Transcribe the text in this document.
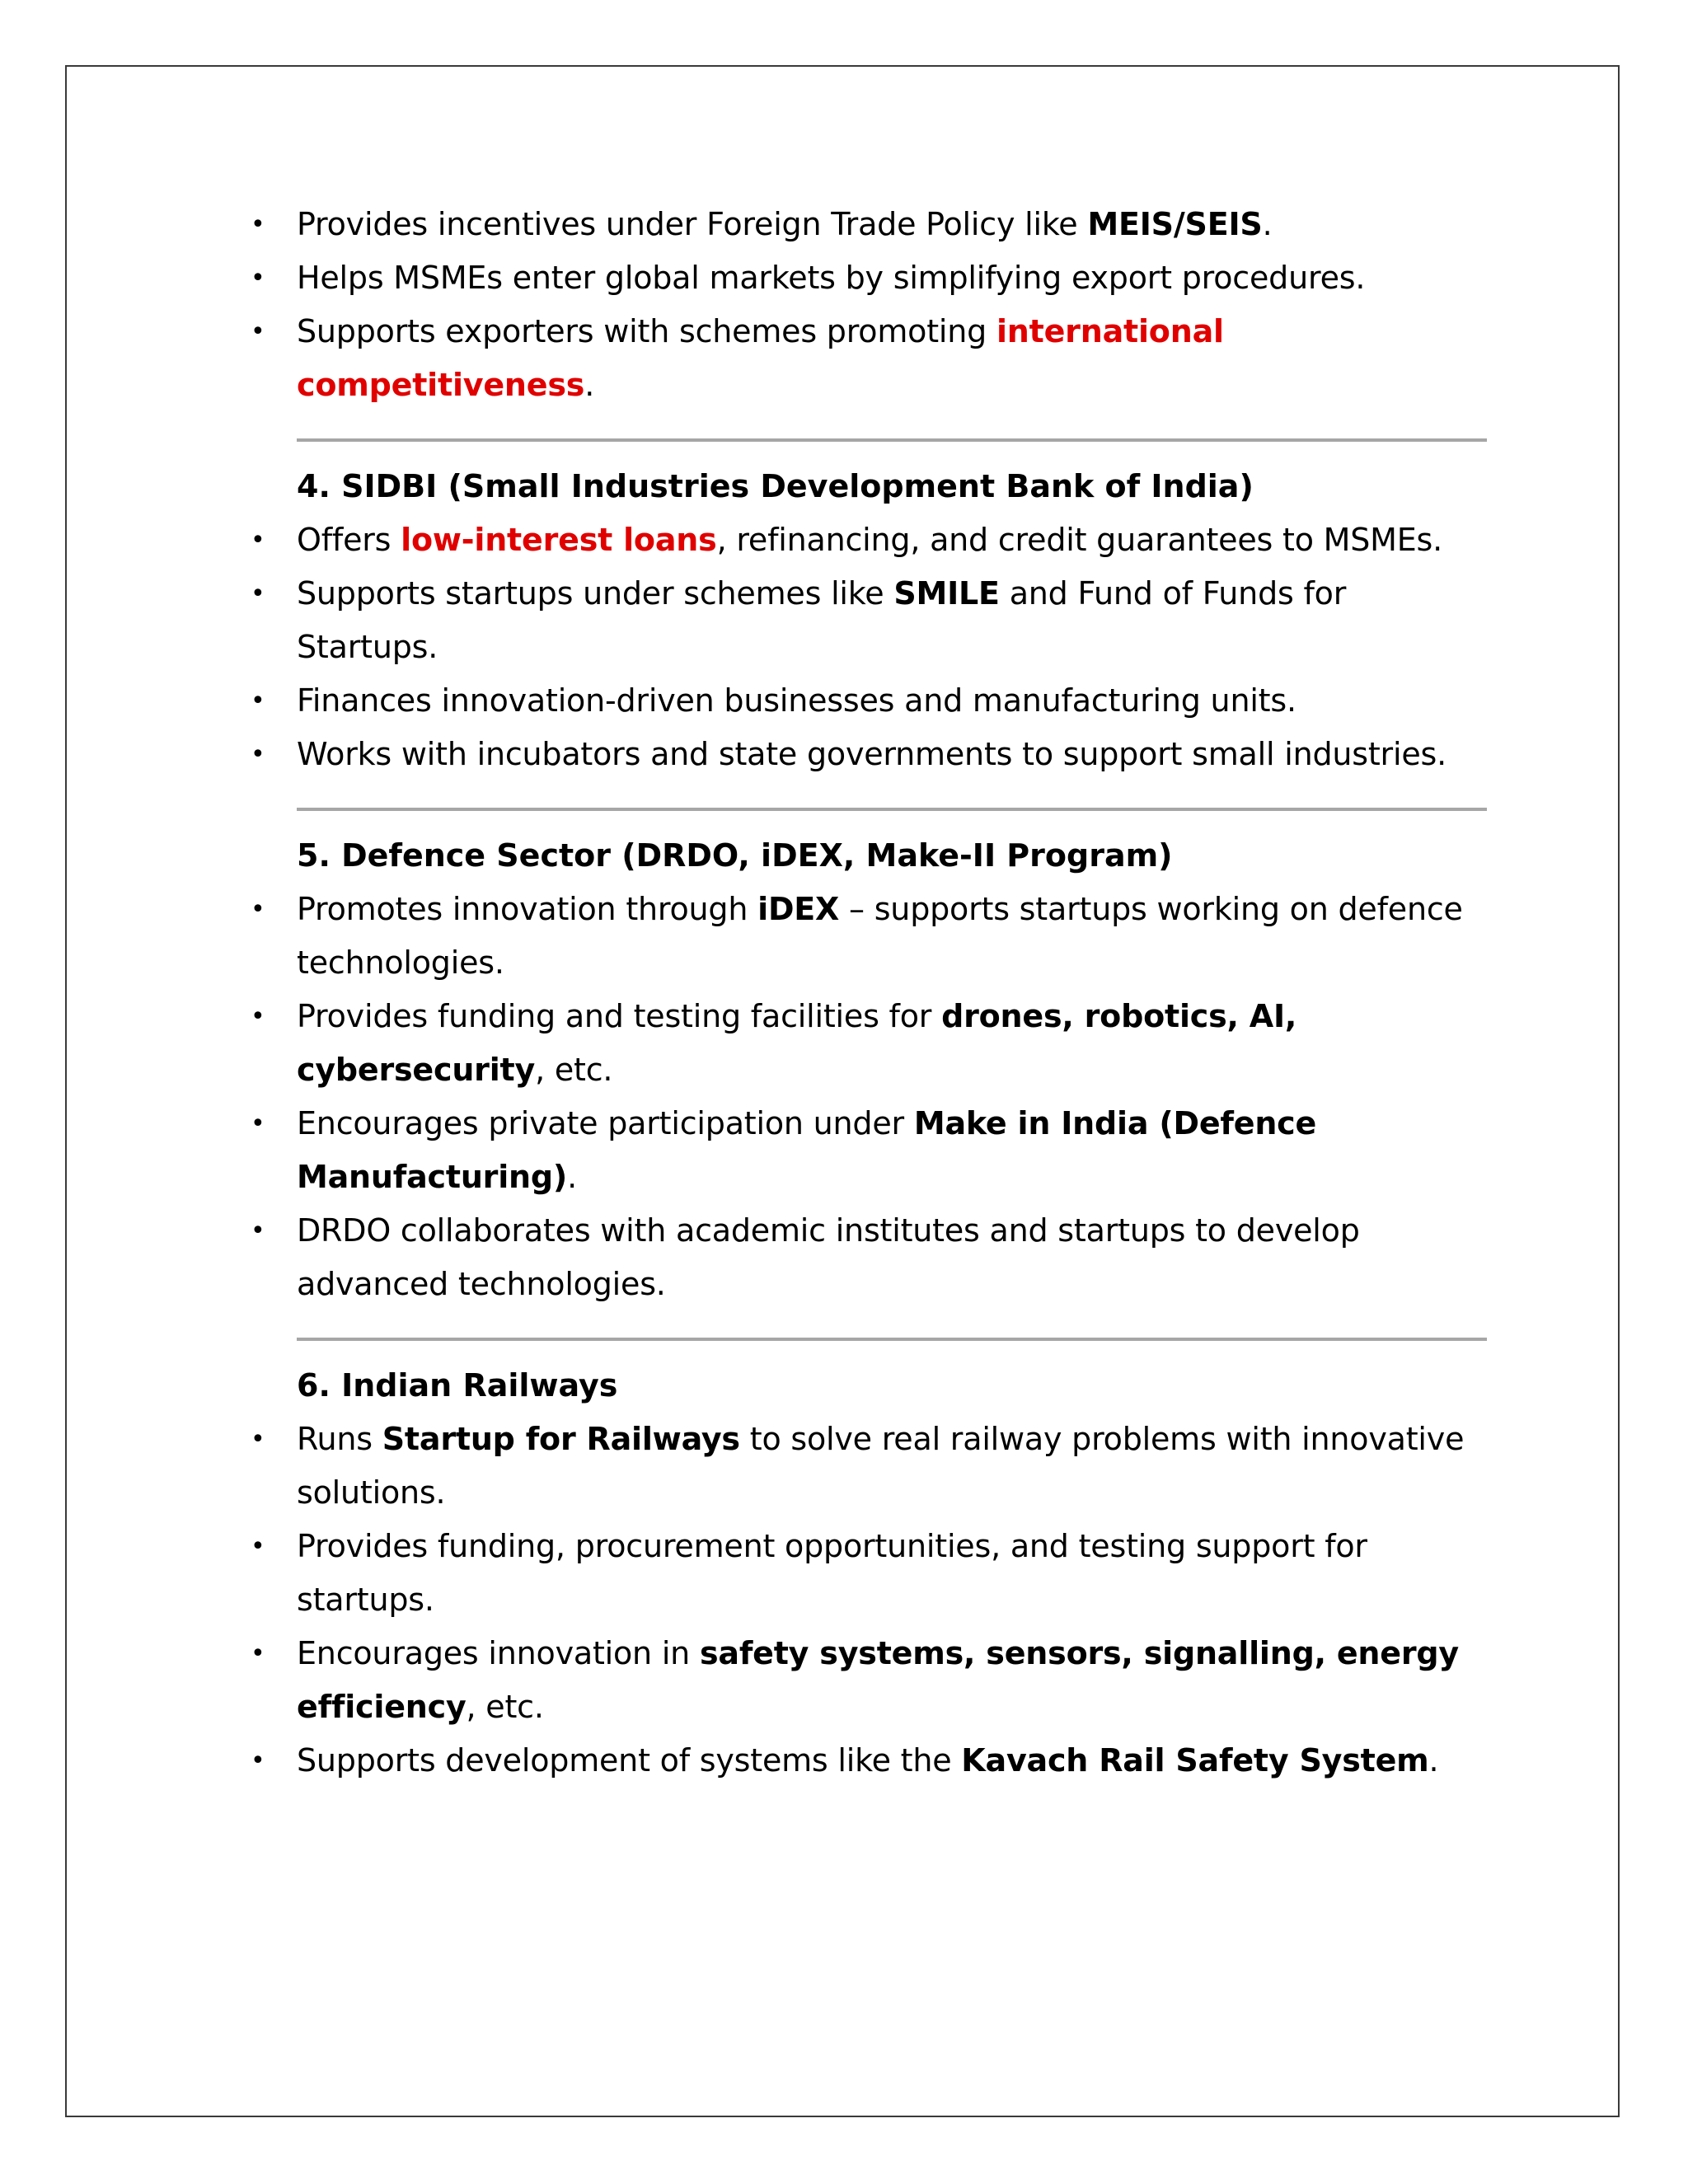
• Provides incentives under Foreign Trade Policy like MEIS/SEIS.
• Helps MSMEs enter global markets by simplifying export procedures.
• Supports exporters with schemes promoting international competitiveness.
4. SIDBI (Small Industries Development Bank of India)
• Offers low-interest loans, refinancing, and credit guarantees to MSMEs.
• Supports startups under schemes like SMILE and Fund of Funds for
Startups.
• Finances innovation-driven businesses and manufacturing units.
• Works with incubators and state governments to support small industries.
5. Defence Sector (DRDO, iDEX, Make-II Program)
• Promotes innovation through iDEX – supports startups working on defence
technologies.
• Provides funding and testing facilities for drones, robotics, AI,
cybersecurity, etc.
• Encourages private participation under Make in India (Defence
Manufacturing).
• DRDO collaborates with academic institutes and startups to develop
advanced technologies.
6. Indian Railways
• Runs Startup for Railways to solve real railway problems with innovative
solutions.
• Provides funding, procurement opportunities, and testing support for
startups.
• Encourages innovation in safety systems, sensors, signalling, energy
efficiency, etc.
• Supports development of systems like the Kavach Rail Safety System.
